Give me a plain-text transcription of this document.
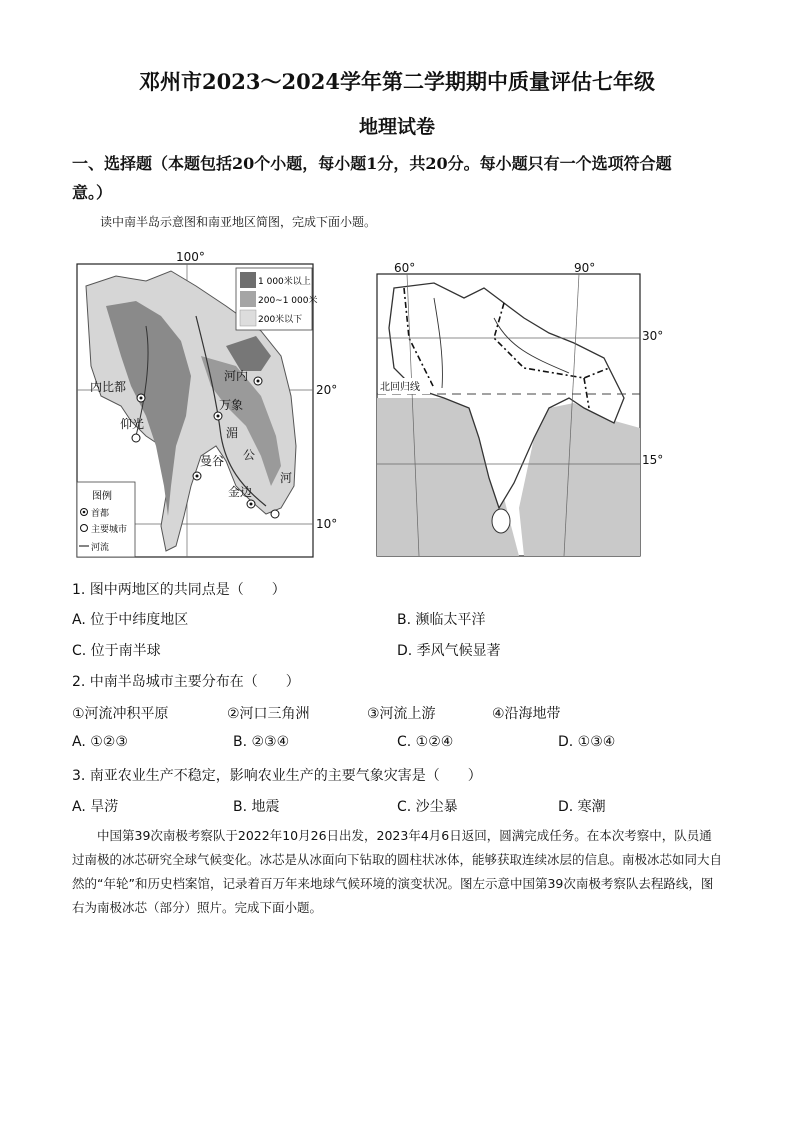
邓州市2023～2024学年第二学期期中质量评估七年级
地理试卷
一、选择题（本题包括20个小题，每小题1分，共20分。每小题只有一个选项符合题意。）
读中南半岛示意图和南亚地区简图，完成下面小题。
100°
20°
10°
1 000米以上
200~1 000米
200米以下
内比都
仰光
河内
万象
曼谷
金边
湄
公
河
图例
首都
主要城市
河流
60°	90°
30°
15°
北回归线
1. 图中两地区的共同点是（　　）
A. 位于中纬度地区	B. 濒临太平洋
C. 位于南半球	D. 季风气候显著
2. 中南半岛城市主要分布在（　　）
①河流冲积平原	②河口三角洲	③河流上游	④沿海地带
A. ①②③	B. ②③④	C. ①②④	D. ①③④
3. 南亚农业生产不稳定，影响农业生产的主要气象灾害是（　　）
A. 旱涝	B. 地震	C. 沙尘暴	D. 寒潮
中国第39次南极考察队于2022年10月26日出发，2023年4月6日返回，圆满完成任务。在本次考察中，队员通过南极的冰芯研究全球气候变化。冰芯是从冰面向下钻取的圆柱状冰体，能够获取连续冰层的信息。南极冰芯如同大自然的“年轮”和历史档案馆，记录着百万年来地球气候环境的演变状况。图左示意中国第39次南极考察队去程路线，图右为南极冰芯（部分）照片。完成下面小题。
